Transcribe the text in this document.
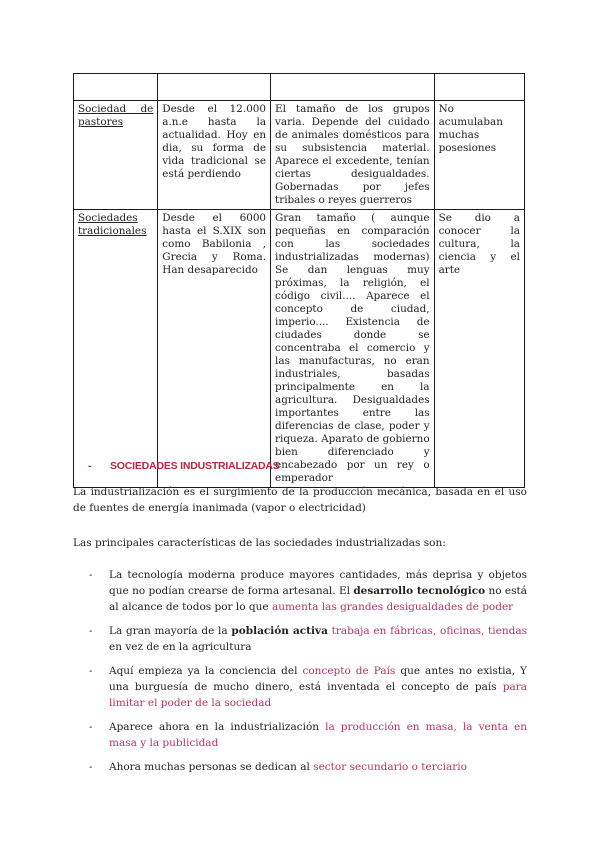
Sociedad de pastores	Desde el 12.000 a.n.e hasta la actualidad. Hoy en dia, su forma de vida tradicional se está perdiendo	El tamaño de los grupos varia. Depende del cuidado de animales domésticos para su subsistencia material. Aparece el excedente, tenían ciertas desigualdades. Gobernadas por jefes tribales o reyes guerreros	No acumulaban muchas posesiones
Sociedades tradicionales	Desde el 6000 hasta el S.XIX son como Babilonia , Grecia y Roma. Han desaparecido	Gran tamaño ( aunque pequeñas en comparación con las sociedades industrializadas modernas) Se dan lenguas muy próximas, la religión, el código civil.... Aparece el concepto de ciudad, imperio.... Existencia de ciudades donde se concentraba el comercio y las manufacturas, no eran industriales, basadas principalmente en la agricultura. Desigualdades importantes entre las diferencias de clase, poder y riqueza. Aparato de gobierno bien diferenciado y encabezado por un rey o emperador	Se dio a conocer la cultura, la ciencia y el arte
- SOCIEDADES INDUSTRIALIZADAS

La industrialización es el surgimiento de la producción mecánica, basada en el uso de fuentes de energía inanimada (vapor o electricidad)

Las principales características de las sociedades industrializadas son:

- La tecnología moderna produce mayores cantidades, más deprisa y objetos que no podían crearse de forma artesanal. El desarrollo tecnológico no está al alcance de todos por lo que aumenta las grandes desigualdades de poder
- La gran mayoría de la población activa trabaja en fábricas, oficinas, tiendas en vez de en la agricultura
- Aquí empieza ya la conciencia del concepto de País que antes no existia, Y una burguesía de mucho dinero, está inventada el concepto de país para limitar el poder de la sociedad
- Aparece ahora en la industrialización la producción en masa, la venta en masa y la publicidad
- Ahora muchas personas se dedican al sector secundario o terciario
